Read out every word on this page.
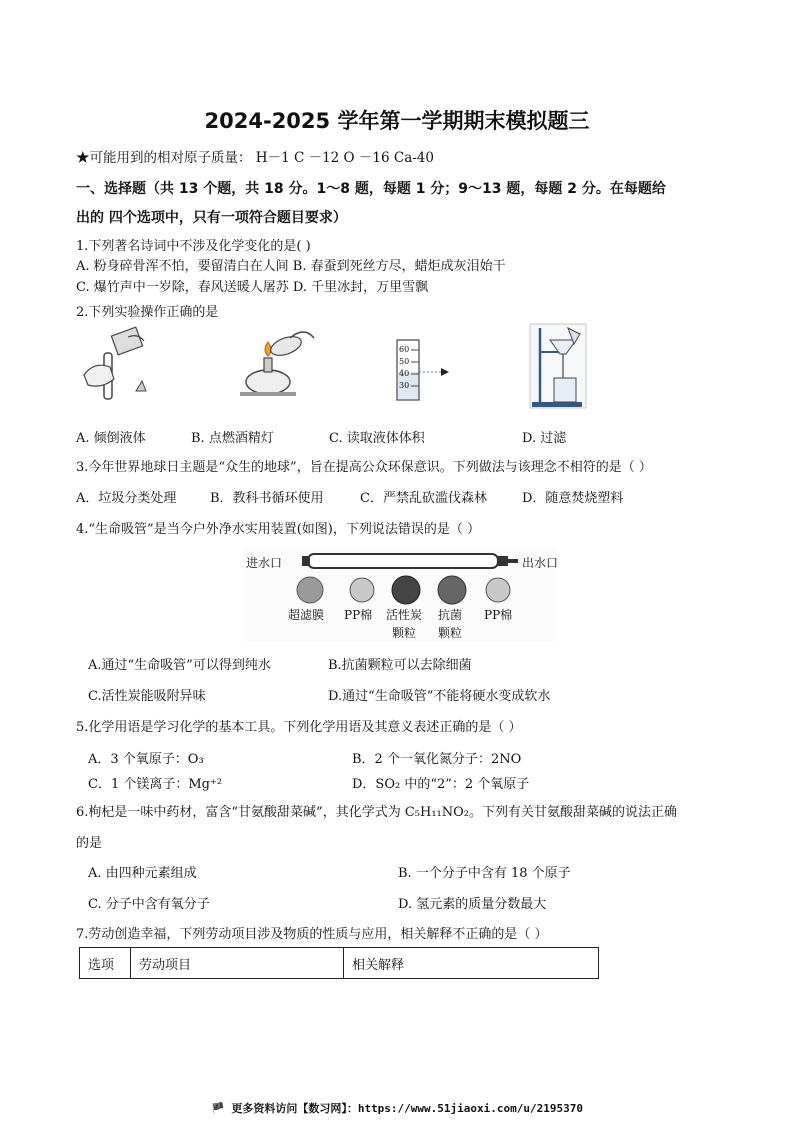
2024-2025 学年第一学期期末模拟题三
★可能用到的相对原子质量： H－1 C －12 O －16 Ca-40
一、选择题（共 13 个题，共 18 分。1～8 题，每题 1 分；9～13 题，每题 2 分。在每题给
出的 四个选项中，只有一项符合题目要求）
1.下列著名诗词中不涉及化学变化的是( )
A. 粉身碎骨浑不怕，要留清白在人间 B. 春蚕到死丝方尽，蜡炬成灰泪始干
C. 爆竹声中一岁除，春风送暖人屠苏 D. 千里冰封，万里雪飘
2.下列实验操作正确的是
60
50
40
30
A. 倾倒液体	B. 点燃酒精灯	C. 读取液体体积	D. 过滤
3.今年世界地球日主题是“众生的地球”，旨在提高公众环保意识。下列做法与该理念不相符的是（ ）
A．垃圾分类处理	B．教科书循环使用	C．严禁乱砍滥伐森林	D．随意焚烧塑料
4.“生命吸管”是当今户外净水实用装置(如图)，下列说法错误的是（ ）
进水口	出水口
超滤膜 PP棉 活性炭 抗菌 PP棉
颗粒 颗粒
A.通过“生命吸管”可以得到纯水	B.抗菌颗粒可以去除细菌
C.活性炭能吸附异味	D.通过“生命吸管”不能将硬水变成软水
5.化学用语是学习化学的基本工具。下列化学用语及其意义表述正确的是（ ）
A．3 个氧原子：O₃	B．2 个一氧化氮分子：2NO
C．1 个镁离子：Mg⁺²	D．SO₂ 中的“2”：2 个氧原子
6.枸杞是一味中药材，富含“甘氨酸甜菜碱”，其化学式为 C₅H₁₁NO₂。下列有关甘氨酸甜菜碱的说法正确
的是
A. 由四种元素组成	B. 一个分子中含有 18 个原子
C. 分子中含有氧分子	D. 氢元素的质量分数最大
7.劳动创造幸福，下列劳动项目涉及物质的性质与应用，相关解释不正确的是（ ）
选项	劳动项目	相关解释
🏴 更多资料访问【数习网】：https://www.51jiaoxi.com/u/2195370
